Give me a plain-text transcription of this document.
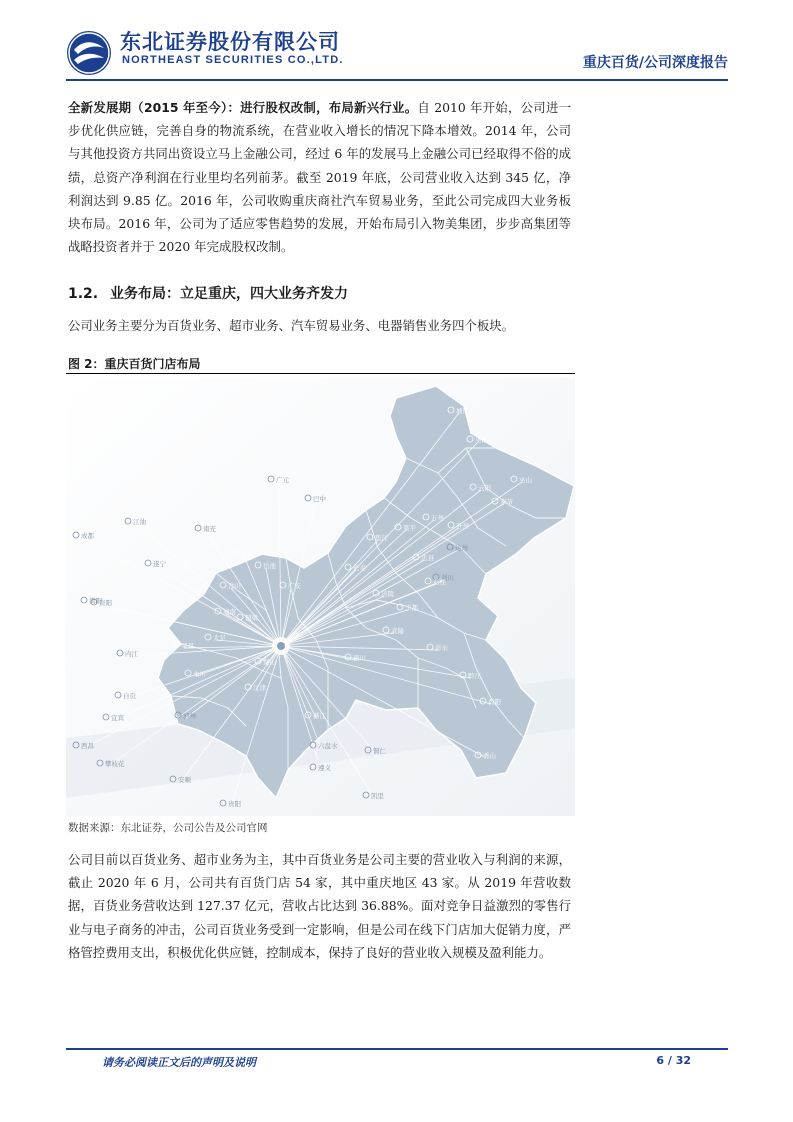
东北证券股份有限公司
NORTHEAST SECURITIES CO.,LTD.	重庆百货/公司深度报告

全新发展期（2015 年至今）：进行股权改制，布局新兴行业。自 2010 年开始，公司进一步优化供应链，完善自身的物流系统，在营业收入增长的情况下降本增效。2014 年，公司与其他投资方共同出资设立马上金融公司，经过 6 年的发展马上金融公司已经取得不俗的成绩，总资产净利润在行业里均名列前茅。截至 2019 年底，公司营业收入达到 345 亿，净利润达到 9.85 亿。2016 年，公司收购重庆商社汽车贸易业务，至此公司完成四大业务板块布局。2016 年，公司为了适应零售趋势的发展，开始布局引入物美集团，步步高集团等战略投资者并于 2020 年完成股权改制。

1.2. 业务布局：立足重庆，四大业务齐发力

公司业务主要分为百货业务、超市业务、汽车贸易业务、电器销售业务四个板块。

图 2：重庆百货门店布局
广元
巴中
江油
南充
成都
遂宁
简阳
资阳
内江
自贡
泸州
宜宾
西昌
攀枝花
六盘水
安顺
贵阳
遵义
铜仁
凯里
达州
利川
城口
巫溪
巫山
奉节
云阳
开州
万州
梁平
垫江
长寿
涪陵
丰都
石柱
忠县
武隆
彭水
黔江
酉阳
秀山
南川
綦江
江津
永川
荣昌
大足
潼南
铜梁
合川
璧山
武胜
岳池
广安
数据来源：东北证券，公司公告及公司官网

公司目前以百货业务、超市业务为主，其中百货业务是公司主要的营业收入与利润的来源，截止 2020 年 6 月，公司共有百货门店 54 家，其中重庆地区 43 家。从 2019 年营收数据，百货业务营收达到 127.37 亿元，营收占比达到 36.88%。面对竞争日益激烈的零售行业与电子商务的冲击，公司百货业务受到一定影响，但是公司在线下门店加大促销力度，严格管控费用支出，积极优化供应链，控制成本，保持了良好的营业收入规模及盈利能力。

请务必阅读正文后的声明及说明	6 / 32
